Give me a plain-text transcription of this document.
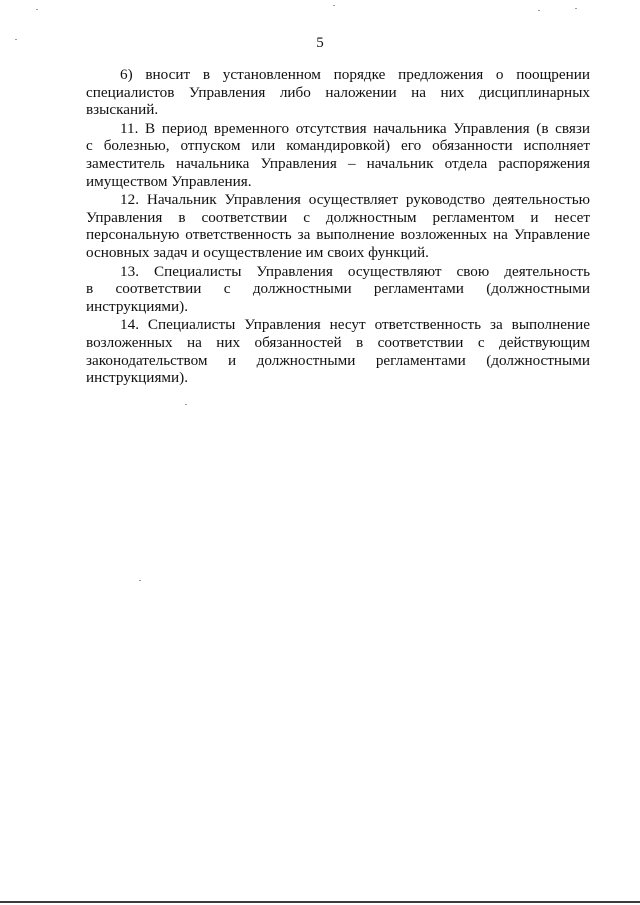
5
6) вносит в установленном порядке предложения о поощрении
специалистов Управления либо наложении на них дисциплинарных
взысканий.
11. В период временного отсутствия начальника Управления (в связи
с болезнью, отпуском или командировкой) его обязанности исполняет
заместитель начальника Управления – начальник отдела распоряжения
имуществом Управления.
12. Начальник Управления осуществляет руководство деятельностью
Управления в соответствии с должностным регламентом и несет
персональную ответственность за выполнение возложенных на Управление
основных задач и осуществление им своих функций.
13. Специалисты Управления осуществляют свою деятельность
в соответствии с должностными регламентами (должностными
инструкциями).
14. Специалисты Управления несут ответственность за выполнение
возложенных на них обязанностей в соответствии с действующим
законодательством и должностными регламентами (должностными
инструкциями).
